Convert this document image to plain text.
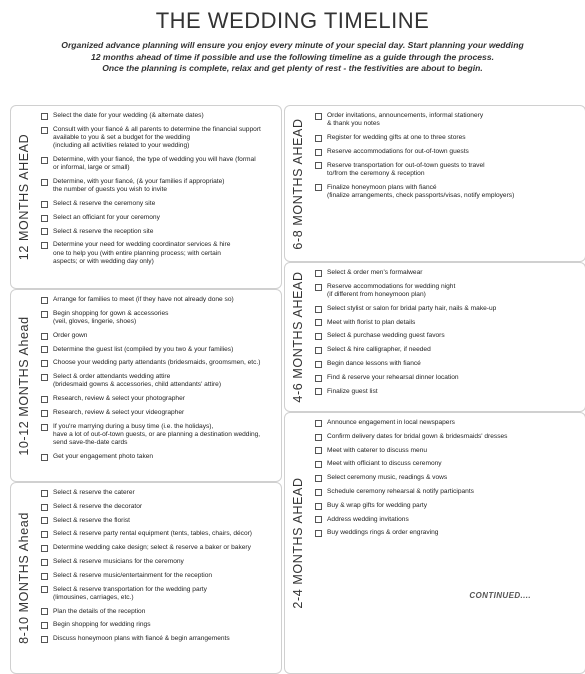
THE WEDDING TIMELINE
Organized advance planning will ensure you enjoy every minute of your special day. Start planning your wedding
12 months ahead of time if possible and use the following timeline as a guide through the process.
Once the planning is complete, relax and get plenty of rest - the festivities are about to begin.
12 MONTHS AHEAD
Select the date for your wedding (& alternate dates)
Consult with your fiancé & all parents to determine the financial support
available to you & set a budget for the wedding
(including all activities related to your wedding)
Determine, with your fiancé, the type of wedding you will have (formal
or informal, large or small)
Determine, with your fiancé, (& your families if appropriate)
the number of guests you wish to invite
Select & reserve the ceremony site
Select an officiant for your ceremony
Select & reserve the reception site
Determine your need for wedding coordinator services & hire
one to help you (with entire planning process; with certain
aspects; or with wedding day only)
10-12 MONTHS Ahead
Arrange for families to meet (if they have not already done so)
Begin shopping for gown & accessories
(veil, gloves, lingerie, shoes)
Order gown
Determine the guest list (compiled by you two & your families)
Choose your wedding party attendants (bridesmaids, groomsmen, etc.)
Select & order attendants wedding attire
(bridesmaid gowns & accessories, child attendants' attire)
Research, review & select your photographer
Research, review & select your videographer
If you're marrying during a busy time (i.e. the holidays),
have a lot of out-of-town guests, or are planning a destination wedding,
send save-the-date cards
Get your engagement photo taken
8-10 MONTHS Ahead
Select & reserve the caterer
Select & reserve the decorator
Select & reserve the florist
Select & reserve party rental equipment (tents, tables, chairs, décor)
Determine wedding cake design; select & reserve a baker or bakery
Select & reserve musicians for the ceremony
Select & reserve music/entertainment for the reception
Select & reserve transportation for the wedding party
(limousines, carriages, etc.)
Plan the details of the reception
Begin shopping for wedding rings
Discuss honeymoon plans with fiancé & begin arrangements
6-8 MONTHS AHEAD
Order invitations, announcements, informal stationery
& thank you notes
Register for wedding gifts at one to three stores
Reserve accommodations for out-of-town guests
Reserve transportation for out-of-town guests to travel
to/from the ceremony & reception
Finalize honeymoon plans with fiancé
(finalize arrangements, check passports/visas, notify employers)
4-6 MONTHS AHEAD	Select & order men's formalwear
Reserve accommodations for wedding night
(if different from honeymoon plan)
Select stylist or salon for bridal party hair, nails & make-up
Meet with florist to plan details
Select & purchase wedding guest favors
Select & hire calligrapher, if needed
Begin dance lessons with fiancé
Find & reserve your rehearsal dinner location
Finalize guest list
2-4 MONTHS AHEAD
Announce engagement in local newspapers
Confirm delivery dates for bridal gown & bridesmaids' dresses
Meet with caterer to discuss menu
Meet with officiant to discuss ceremony
Select ceremony music, readings & vows
Schedule ceremony rehearsal & notify participants
Buy & wrap gifts for wedding party
Address wedding invitations
Buy weddings rings & order engraving
CONTINUED....
